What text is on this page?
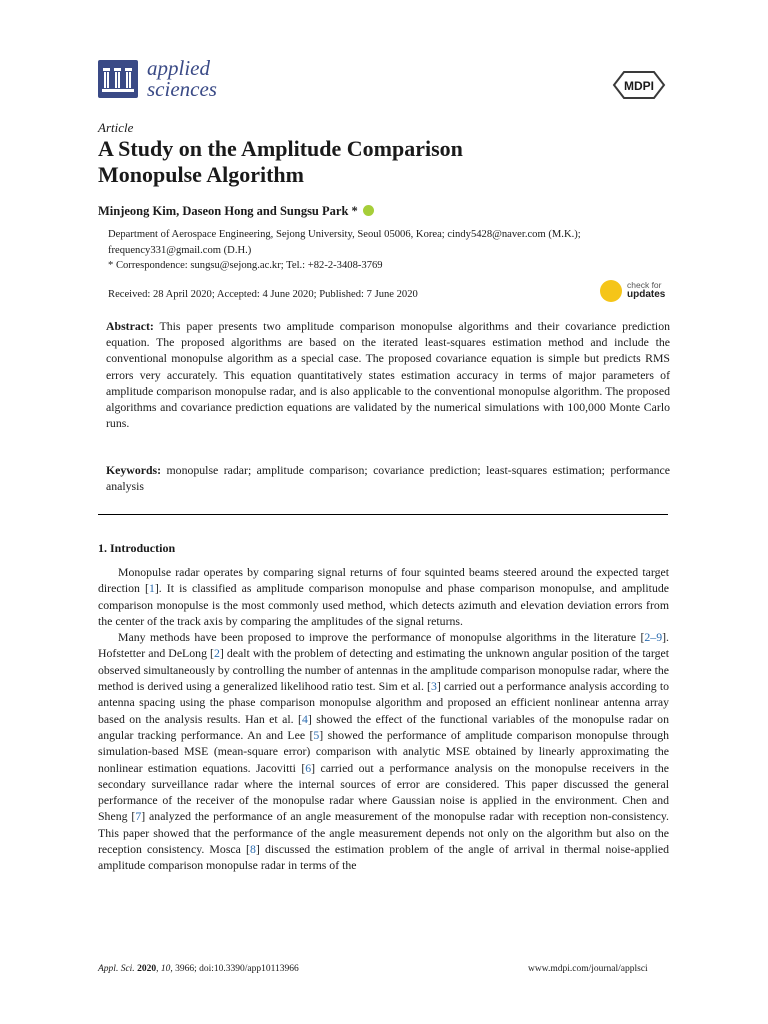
applied
sciences	MDPI
Article
A Study on the Amplitude Comparison
Monopulse Algorithm
Minjeong Kim, Daseon Hong and Sungsu Park *

Department of Aerospace Engineering, Sejong University, Seoul 05006, Korea; cindy5428@naver.com (M.K.); frequency331@gmail.com (D.H.)

* Correspondence: sungsu@sejong.ac.kr; Tel.: +82-2-3408-3769

Received: 28 April 2020; Accepted: 4 June 2020; Published: 7 June 2020
check for
updates
Abstract: This paper presents two amplitude comparison monopulse algorithms and their covariance prediction equation. The proposed algorithms are based on the iterated least-squares estimation method and include the conventional monopulse algorithm as a special case. The proposed covariance equation is simple but predicts RMS errors very accurately. This equation quantitatively states estimation accuracy in terms of major parameters of amplitude comparison monopulse radar, and is also applicable to the conventional monopulse algorithm. The proposed algorithms and covariance prediction equations are validated by the numerical simulations with 100,000 Monte Carlo runs.
Keywords: monopulse radar; amplitude comparison; covariance prediction; least-squares estimation; performance analysis
1. Introduction

Monopulse radar operates by comparing signal returns of four squinted beams steered around the expected target direction [1]. It is classified as amplitude comparison monopulse and phase comparison monopulse, and amplitude comparison monopulse is the most commonly used method, which detects azimuth and elevation deviation errors from the center of the track axis by comparing the amplitudes of the signal returns.

Many methods have been proposed to improve the performance of monopulse algorithms in the literature [2–9]. Hofstetter and DeLong [2] dealt with the problem of detecting and estimating the unknown angular position of the target observed simultaneously by controlling the number of antennas in the amplitude comparison monopulse radar, where the method is derived using a generalized likelihood ratio test. Sim et al. [3] carried out a performance analysis according to antenna spacing using the phase comparison monopulse algorithm and proposed an efficient nonlinear antenna array based on the analysis results. Han et al. [4] showed the effect of the functional variables of the monopulse radar on angular tracking performance. An and Lee [5] showed the performance of amplitude comparison monopulse through simulation-based MSE (mean-square error) comparison with analytic MSE obtained by linearly approximating the nonlinear estimation equations. Jacovitti [6] carried out a performance analysis on the monopulse receivers in the secondary surveillance radar where the internal sources of error are considered. This paper discussed the general performance of the receiver of the monopulse radar where Gaussian noise is applied in the environment. Chen and Sheng [7] analyzed the performance of an angle measurement of the monopulse radar with reception non-consistency. This paper showed that the performance of the angle measurement depends not only on the algorithm but also on the reception consistency. Mosca [8] discussed the estimation problem of the angle of arrival in thermal noise-applied amplitude comparison monopulse radar in terms of the

Appl. Sci. 2020, 10, 3966; doi:10.3390/app10113966	www.mdpi.com/journal/applsci
